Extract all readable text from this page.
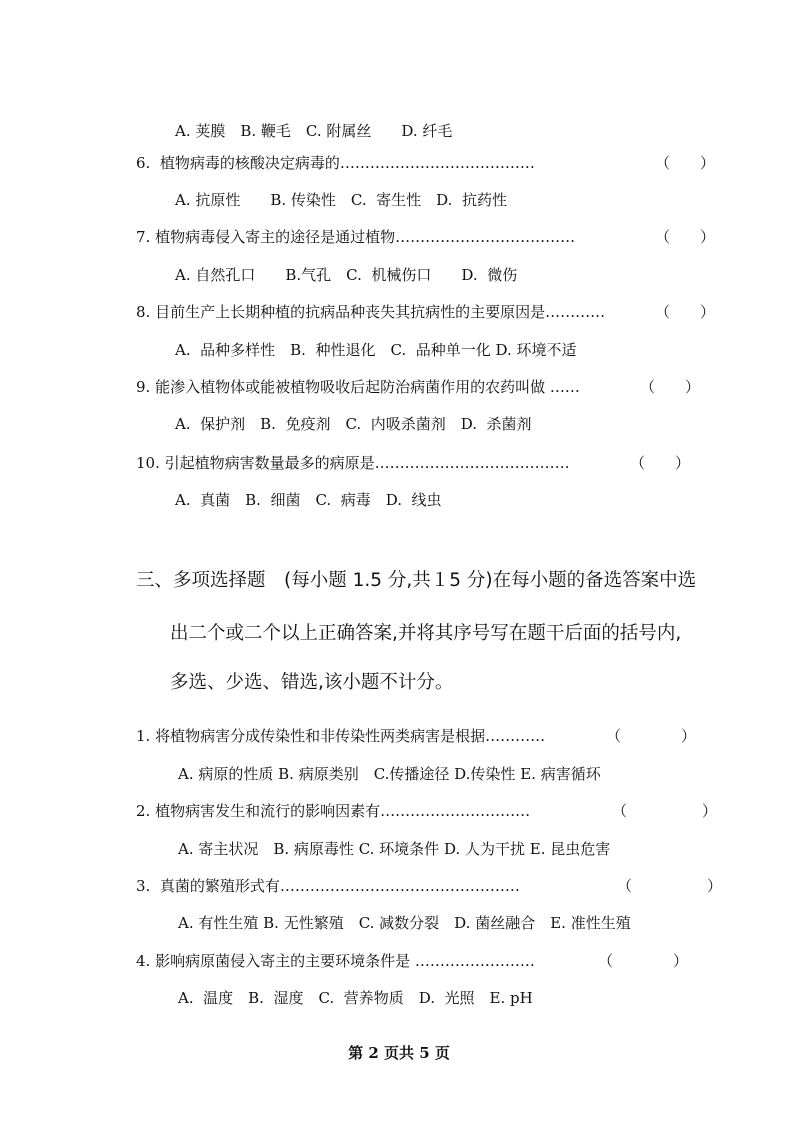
A. 荚膜　B. 鞭毛　C. 附属丝　　D. 纤毛
6.  植物病毒的核酸决定病毒的…………………………………	（　　）
A. 抗原性　　B. 传染性　C.  寄生性　D.  抗药性
7. 植物病毒侵入寄主的途径是通过植物………………………………	（　　）
A. 自然孔口　　B.气孔　C.  机械伤口　　D.  微伤
8. 目前生产上长期种植的抗病品种丧失其抗病性的主要原因是…………	（　　）
A.  品种多样性　B.  种性退化　C.  品种单一化 D. 环境不适
9. 能渗入植物体或能被植物吸收后起防治病菌作用的农药叫做 ……	（　　）
A.  保护剂　B.  免疫剂　C.  内吸杀菌剂　D.  杀菌剂
10. 引起植物病害数量最多的病原是…………………………………	（　　）
A.  真菌　B.  细菌　C.  病毒　D.  线虫
三、多项选择题　(每小题 1.5 分,共１5 分)在每小题的备选答案中选
出二个或二个以上正确答案,并将其序号写在题干后面的括号内,
多选、少选、错选,该小题不计分。
1. 将植物病害分成传染性和非传染性两类病害是根据…………	（　　　　）
A. 病原的性质 B. 病原类别　C.传播途径 D.传染性 E. 病害循环
2. 植物病害发生和流行的影响因素有…………………………	（　　　　　）
A. 寄主状况　B. 病原毒性 C. 环境条件 D. 人为干扰 E. 昆虫危害
3.  真菌的繁殖形式有…………………………………………	（　　　　　）
A. 有性生殖 B. 无性繁殖　C. 减数分裂　D. 菌丝融合　E. 准性生殖
4. 影响病原菌侵入寄主的主要环境条件是 ……………………	（　　　　）
A.  温度　B.  湿度　C.  营养物质　D.  光照　E. pH
第 2 页共 5 页
